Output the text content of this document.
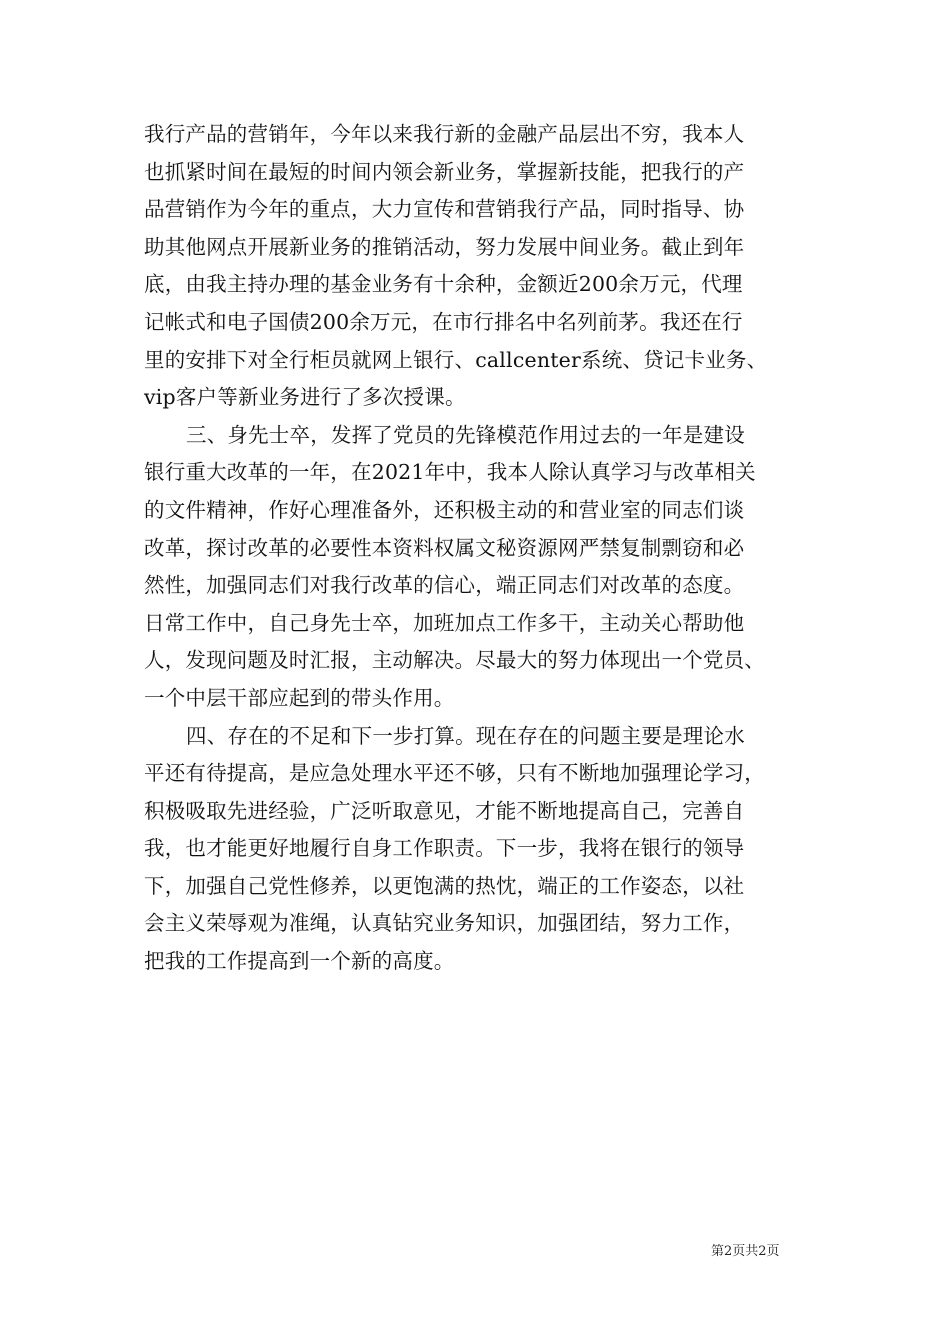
我行产品的营销年，今年以来我行新的金融产品层出不穷，我本人
也抓紧时间在最短的时间内领会新业务，掌握新技能，把我行的产
品营销作为今年的重点，大力宣传和营销我行产品，同时指导、协
助其他网点开展新业务的推销活动，努力发展中间业务。截止到年
底，由我主持办理的基金业务有十余种，金额近200余万元，代理
记帐式和电子国债200余万元，在市行排名中名列前茅。我还在行
里的安排下对全行柜员就网上银行、callcenter系统、贷记卡业务、
vip客户等新业务进行了多次授课。
三、身先士卒，发挥了党员的先锋模范作用过去的一年是建设
银行重大改革的一年，在2021年中，我本人除认真学习与改革相关
的文件精神，作好心理准备外，还积极主动的和营业室的同志们谈
改革，探讨改革的必要性本资料权属文秘资源网严禁复制剽窃和必
然性，加强同志们对我行改革的信心，端正同志们对改革的态度。
日常工作中，自己身先士卒，加班加点工作多干，主动关心帮助他
人，发现问题及时汇报，主动解决。尽最大的努力体现出一个党员、
一个中层干部应起到的带头作用。
四、存在的不足和下一步打算。现在存在的问题主要是理论水
平还有待提高，是应急处理水平还不够，只有不断地加强理论学习，
积极吸取先进经验，广泛听取意见，才能不断地提高自己，完善自
我，也才能更好地履行自身工作职责。下一步，我将在银行的领导
下，加强自己党性修养，以更饱满的热忱，端正的工作姿态，以社
会主义荣辱观为准绳，认真钻究业务知识，加强团结，努力工作，
把我的工作提高到一个新的高度。
第2页共2页
